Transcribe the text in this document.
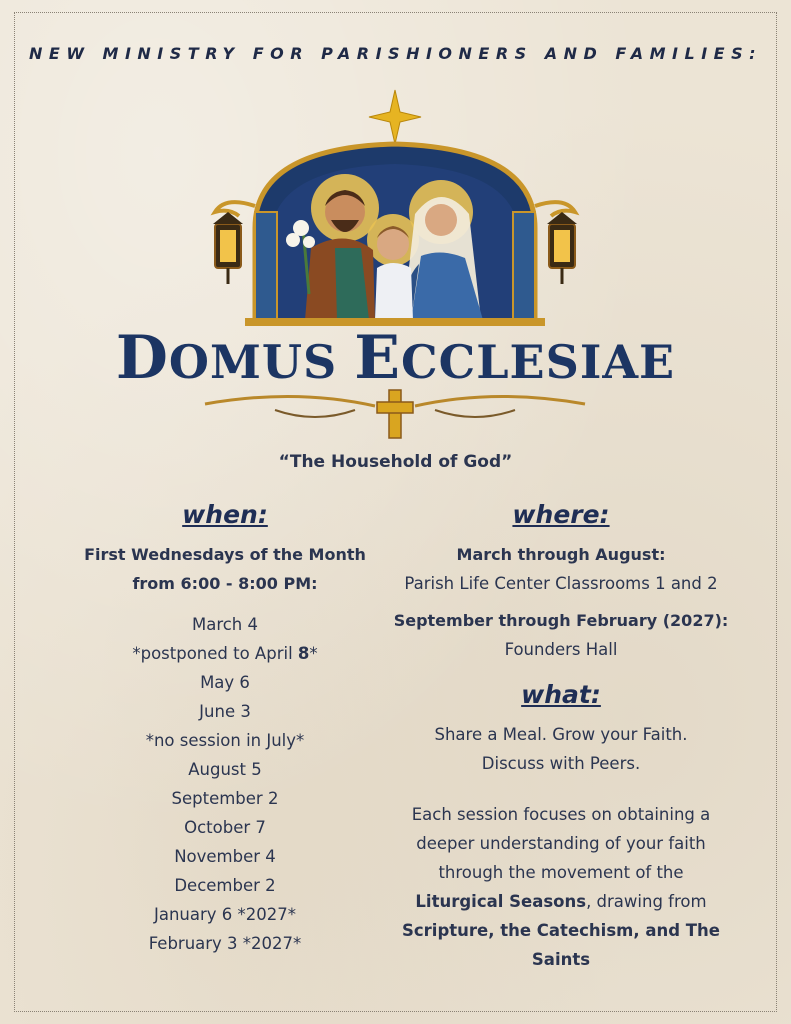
NEW MINISTRY FOR PARISHIONERS AND FAMILIES:
DOMUS ECCLESIAE
“The Household of God”
when:
First Wednesdays of the Month
from 6:00 - 8:00 PM:
March 4
*postponed to April 8*
May 6
June 3
*no session in July*
August 5
September 2
October 7
November 4
December 2
January 6 *2027*
February 3 *2027*
where:
March through August:
Parish Life Center Classrooms 1 and 2
September through February (2027):
Founders Hall
what:
Share a Meal. Grow your Faith.
Discuss with Peers.
Each session focuses on obtaining a
deeper understanding of your faith
through the movement of the
Liturgical Seasons, drawing from
Scripture, the Catechism, and The Saints
